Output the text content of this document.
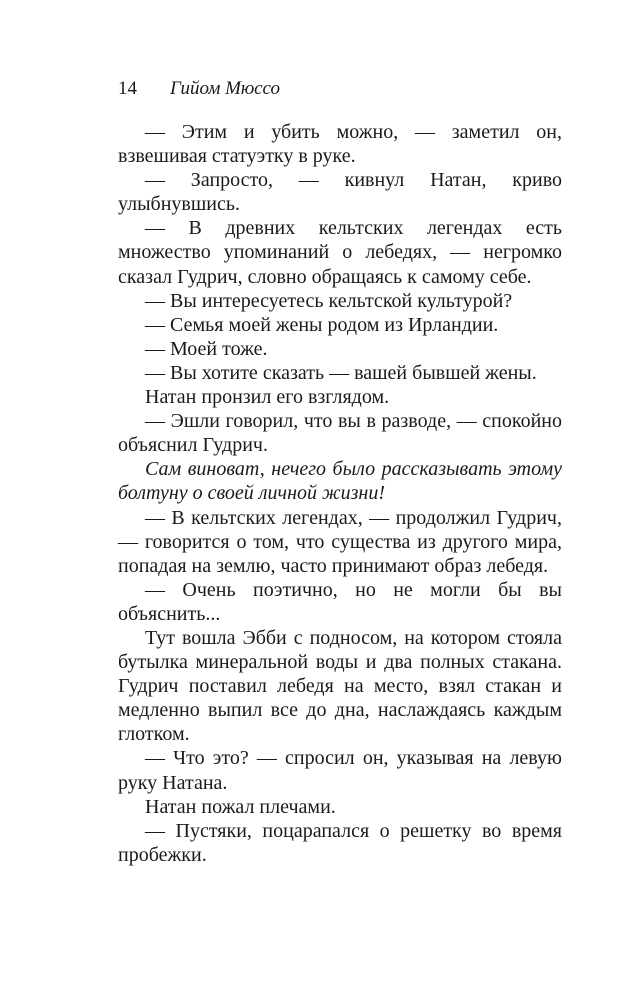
14 Гийом Мюссо

— Этим и убить можно, — заметил он, взвешивая статуэтку в руке.

— Запросто, — кивнул Натан, криво улыбнувшись.

— В древних кельтских легендах есть множество упоминаний о лебедях, — негромко сказал Гудрич, словно обращаясь к самому себе.

— Вы интересуетесь кельтской культурой?

— Семья моей жены родом из Ирландии.

— Моей тоже.

— Вы хотите сказать — вашей бывшей жены.

Натан пронзил его взглядом.

— Эшли говорил, что вы в разводе, — спокойно объяснил Гудрич.

Сам виноват, нечего было рассказывать этому болтуну о своей личной жизни!

— В кельтских легендах, — продолжил Гудрич, — говорится о том, что существа из другого мира, попадая на землю, часто принимают образ лебедя.

— Очень поэтично, но не могли бы вы объяснить...

Тут вошла Эбби с подносом, на котором стояла бутылка минеральной воды и два полных стакана. Гудрич поставил лебедя на место, взял стакан и медленно выпил все до дна, наслаждаясь каждым глотком.

— Что это? — спросил он, указывая на левую руку Натана.

Натан пожал плечами.

— Пустяки, поцарапался о решетку во время пробежки.
